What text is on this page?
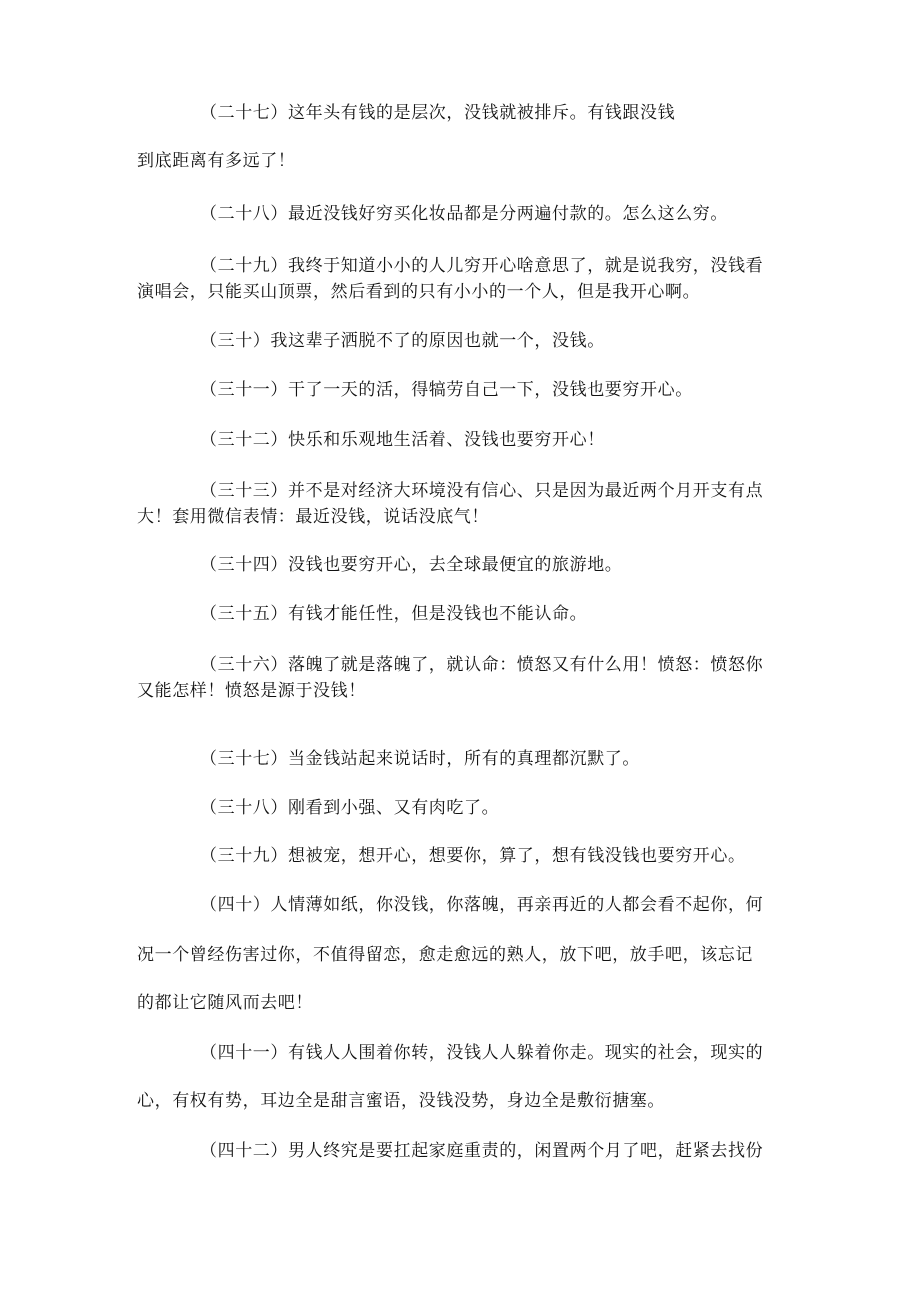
（二十七）这年头有钱的是层次，没钱就被排斥。有钱跟没钱
到底距离有多远了！
（二十八）最近没钱好穷买化妆品都是分两遍付款的。怎么这么穷。
（二十九）我终于知道小小的人儿穷开心啥意思了，就是说我穷，没钱看
演唱会，只能买山顶票，然后看到的只有小小的一个人，但是我开心啊。
（三十）我这辈子洒脱不了的原因也就一个，没钱。
（三十一）干了一天的活，得犒劳自己一下，没钱也要穷开心。
（三十二）快乐和乐观地生活着、没钱也要穷开心！
（三十三）并不是对经济大环境没有信心、只是因为最近两个月开支有点
大！套用微信表情：最近没钱，说话没底气！
（三十四）没钱也要穷开心，去全球最便宜的旅游地。
（三十五）有钱才能任性，但是没钱也不能认命。
（三十六）落魄了就是落魄了，就认命：愤怒又有什么用！愤怒：愤怒你
又能怎样！愤怒是源于没钱！
（三十七）当金钱站起来说话时，所有的真理都沉默了。
（三十八）刚看到小强、又有肉吃了。
（三十九）想被宠，想开心，想要你，算了，想有钱没钱也要穷开心。
（四十）人情薄如纸，你没钱，你落魄，再亲再近的人都会看不起你，何
况一个曾经伤害过你，不值得留恋，愈走愈远的熟人，放下吧，放手吧，该忘记
的都让它随风而去吧！
（四十一）有钱人人围着你转，没钱人人躲着你走。现实的社会，现实的
心，有权有势，耳边全是甜言蜜语，没钱没势，身边全是敷衍搪塞。
（四十二）男人终究是要扛起家庭重责的，闲置两个月了吧，赶紧去找份
